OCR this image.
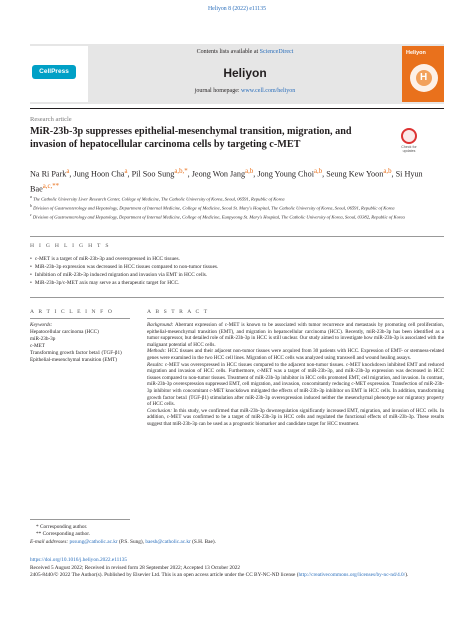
Heliyon 8 (2022) e11135
CellPress
Contents lists available at ScienceDirect
Heliyon
journal homepage: www.cell.com/heliyon
Heliyon
H
Research article
MiR-23b-3p suppresses epithelial-mesenchymal transition, migration, and invasion of hepatocellular carcinoma cells by targeting c-MET	Check for updates
Na Ri Park$^a$, Jung Hoon Cha$^a$, Pil Soo Sung$^{a,b,*}$, Jeong Won Jang$^{a,b}$, Jong Young Choi$^{a,b}$, Seung Kew Yoon$^{a,b}$, Si Hyun Bae$^{a,c,**}$
$^a$ The Catholic University Liver Research Center, College of Medicine, The Catholic University of Korea, Seoul, 06591, Republic of Korea
$^b$ Division of Gastroenterology and Hepatology, Department of Internal Medicine, College of Medicine, Seoul St. Mary's Hospital, The Catholic University of Korea, Seoul, 06591, Republic of Korea
$^c$ Division of Gastroenterology and Hepatology, Department of Internal Medicine, College of Medicine, Eunpyeong St. Mary's Hospital, The Catholic University of Korea, Seoul, 03382, Republic of Korea
H I G H L I G H T S
• c-MET is a target of miR-23b-3p and overexpressed in HCC tissues.
• MiR-23b-3p expression was decreased in HCC tissues compared to non-tumor tissues.
• Inhibition of miR-23b-3p induced migration and invasion via EMT in HCC cells.
• MiR-23b-3p/c-MET axis may serve as a therapeutic target for HCC.
A R T I C L E I N F O
Keywords:
Hepatocellular carcinoma (HCC)
miR-23b-3p
c-MET
Transforming growth factor beta1 (TGF-β1)
Epithelial-mesenchymal transition (EMT)
A B S T R A C T

Background: Aberrant expression of c-MET is known to be associated with tumor recurrence and metastasis by promoting cell proliferation, epithelial-mesenchymal transition (EMT), and migration in hepatocellular carcinoma (HCC). Recently, miR-23b-3p has been identified as a tumor suppressor, but detailed role of miR-23b-3p in HCC is still unclear. Our study aimed to investigate how miR-23b-3p is associated with the malignant potential of HCC cells.

Methods: HCC tissues and their adjacent non-tumor tissues were acquired from 30 patients with HCC. Expression of EMT- or stemness-related genes were examined in the two HCC cell lines. Migration of HCC cells was analyzed using transwell and wound healing assays.

Results: c-MET was overexpressed in HCC tissues compared to the adjacent non-tumor tissues. c-MET knockdown inhibited EMT and reduced migration and invasion of HCC cells. Furthermore, c-MET was a target of miR-23b-3p, and miR-23b-3p expression was decreased in HCC tissues compared to non-tumor tissues. Treatment of miR-23b-3p inhibitor in HCC cells promoted EMT, cell migration, and invasion. In contrast, miR-23b-3p overexpression suppressed EMT, cell migration, and invasion, concomitantly reducing c-MET expression. Transfection of miR-23b-3p inhibitor with concomitant c-MET knockdown mitigated the effects of miR-23b-3p inhibitor on EMT in HCC cells. In addition, transforming growth factor beta1 (TGF-β1) stimulation after miR-23b-3p overexpression induced neither the mesenchymal phenotype nor migratory property of HCC cells.

Conclusion: In this study, we confirmed that miR-23b-3p downregulation significantly increased EMT, migration, and invasion of HCC cells. In addition, c-MET was confirmed to be a target of miR-23b-3p in HCC cells and regulated the functional effects of miR-23b-3p. These results suggest that miR-23b-3p can be used as a prognostic biomarker and candidate target for HCC treatment.

* Corresponding author.
** Corresponding author.
E-mail addresses: pssung@catholic.ac.kr (P.S. Sung), baesh@catholic.ac.kr (S.H. Bae).
https://doi.org/10.1016/j.heliyon.2022.e11135
Received 5 August 2022; Received in revised form 28 September 2022; Accepted 13 October 2022
2405-8440/© 2022 The Author(s). Published by Elsevier Ltd. This is an open access article under the CC BY-NC-ND license (http://creativecommons.org/licenses/by-nc-nd/4.0/).
